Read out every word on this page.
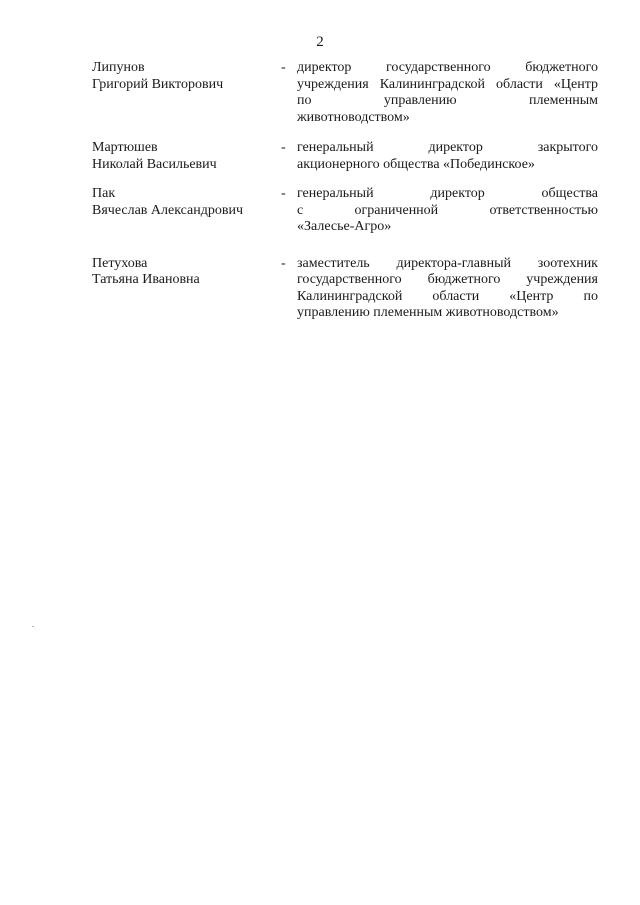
2
Липунов
Григорий Викторович
- директор государственного бюджетного
учреждения Калининградской области «Центр
по управлению племенным
животноводством»
Мартюшев
Николай Васильевич
- генеральный директор закрытого
акционерного общества «Побединское»
Пак
Вячеслав Александрович
- генеральный директор общества
с ограниченной ответственностью
«Залесье-Агро»
Петухова
Татьяна Ивановна
- заместитель директора-главный зоотехник
государственного бюджетного учреждения
Калининградской области «Центр по
управлению племенным животноводством»
